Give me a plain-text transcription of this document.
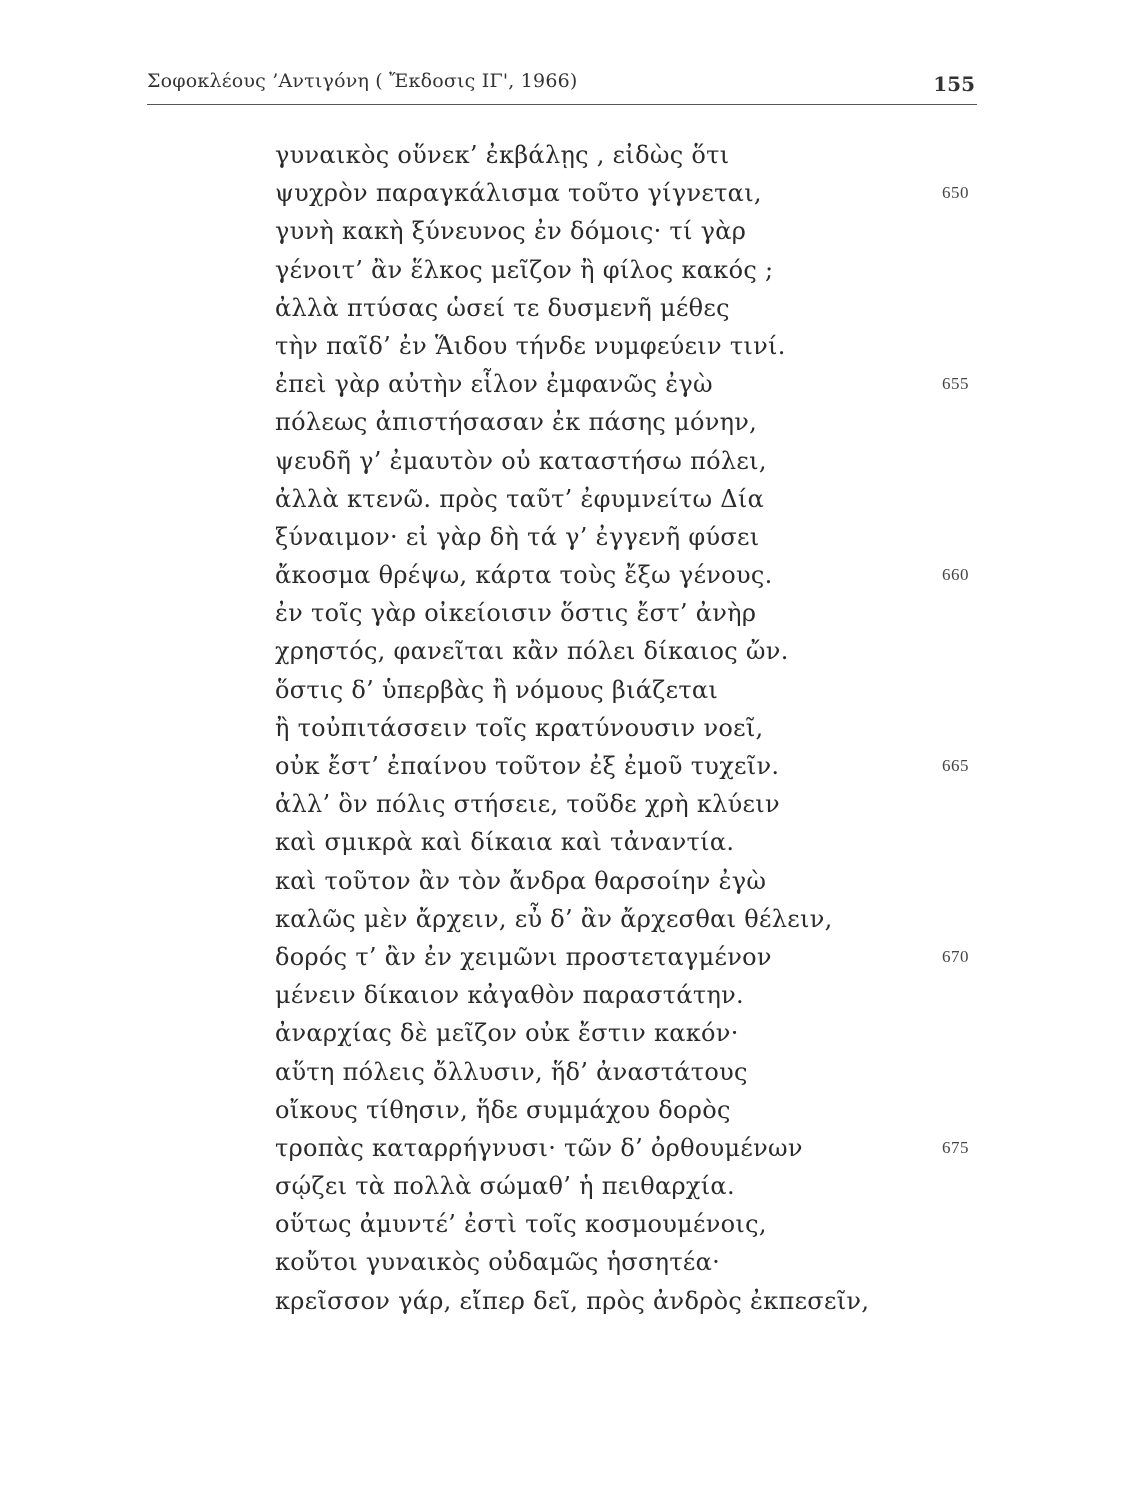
Σοφοκλέους ’Αντιγόνη ( Ἔκδοσις ΙΓ', 1966)	155
γυναικὸς οὕνεκ’ ἐκβάλῃς , εἰδὼς ὅτι
ψυχρὸν παραγκάλισμα τοῦτο γίγνεται,	650
γυνὴ κακὴ ξύνευνος ἐν δόμοις· τί γὰρ
γένοιτ’ ἂν ἕλκος μεῖζον ἢ φίλος κακός ;
ἀλλὰ πτύσας ὡσεί τε δυσμενῆ μέθες
τὴν παῖδ’ ἐν Ἅιδου τήνδε νυμφεύειν τινί.
ἐπεὶ γὰρ αὐτὴν εἷλον ἐμφανῶς ἐγὼ	655
πόλεως ἀπιστήσασαν ἐκ πάσης μόνην,
ψευδῆ γ’ ἐμαυτὸν οὐ καταστήσω πόλει,
ἀλλὰ κτενῶ. πρὸς ταῦτ’ ἐφυμνείτω Δία
ξύναιμον· εἰ γὰρ δὴ τά γ’ ἐγγενῆ φύσει
ἄκοσμα θρέψω, κάρτα τοὺς ἔξω γένους.	660
ἐν τοῖς γὰρ οἰκείοισιν ὅστις ἔστ’ ἀνὴρ
χρηστός, φανεῖται κἂν πόλει δίκαιος ὤν.
ὅστις δ’ ὑπερβὰς ἢ νόμους βιάζεται
ἢ τοὐπιτάσσειν τοῖς κρατύνουσιν νοεῖ,
οὐκ ἔστ’ ἐπαίνου τοῦτον ἐξ ἐμοῦ τυχεῖν.	665
ἀλλ’ ὃν πόλις στήσειε, τοῦδε χρὴ κλύειν
καὶ σμικρὰ καὶ δίκαια καὶ τἀναντία.
καὶ τοῦτον ἂν τὸν ἄνδρα θαρσοίην ἐγὼ
καλῶς μὲν ἄρχειν, εὖ δ’ ἂν ἄρχεσθαι θέλειν,
δορός τ’ ἂν ἐν χειμῶνι προστεταγμένον	670
μένειν δίκαιον κἀγαθὸν παραστάτην.
ἀναρχίας δὲ μεῖζον οὐκ ἔστιν κακόν·
αὕτη πόλεις ὄλλυσιν, ἥδ’ ἀναστάτους
οἴκους τίθησιν, ἥδε συμμάχου δορὸς
τροπὰς καταρρήγνυσι· τῶν δ’ ὀρθουμένων	675
σῴζει τὰ πολλὰ σώμαθ’ ἡ πειθαρχία.
οὕτως ἀμυντέ’ ἐστὶ τοῖς κοσμουμένοις,
κοὔτοι γυναικὸς οὐδαμῶς ἡσσητέα·
κρεῖσσον γάρ, εἴπερ δεῖ, πρὸς ἀνδρὸς ἐκπεσεῖν,
